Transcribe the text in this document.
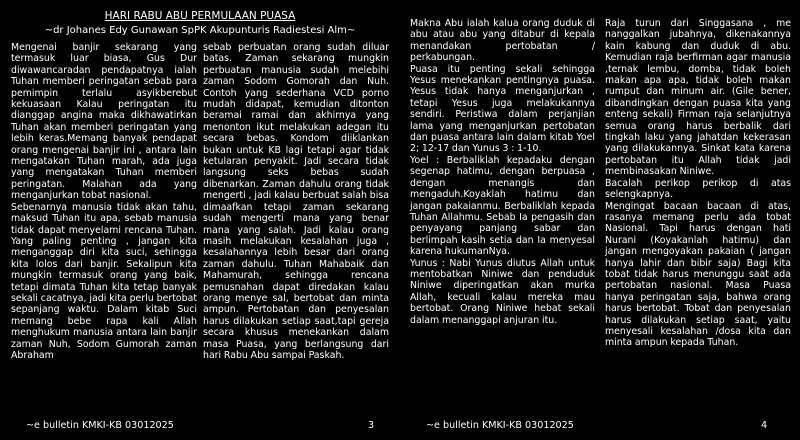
HARI RABU ABU PERMULAAN PUASA
~dr Johanes Edy Gunawan SpPK Akupunturis Radiestesi Alm~

Mengenai banjir sekarang yang termasuk luar biasa, Gus Dur diwawancaradan pendapatnya ialah Tuhan memberi peringatan sebab para pemimpin terlalu asyikberebut kekuasaan Kalau peringatan itu dianggap angina maka dikhawatirkan Tuhan akan memberi peringatan yang lebih keras.Memang banyak pendapat orang mengenai banjir ini , antara lain mengatakan Tuhan marah, ada juga yang mengatakan Tuhan memberi peringatan. Malahan ada yang menganjurkan tobat nasional.

Sebenarnya manusia tidak akan tahu, maksud Tuhan itu apa, sebab manusia tidak dapat menyelami rencana Tuhan. Yang paling penting , jangan kita menganggap diri kita suci, sehingga kita lolos dari banjir. Sekalipun kita mungkin termasuk orang yang baik, tetapi dimata Tuhan kita tetap banyak sekali cacatnya, jadi kita perlu bertobat sepanjang waktu. Dalam kitab Suci memang bebe rapa kali Allah menghukum manusia antara lain banjir zaman Nuh, Sodom Gumorah zaman Abraham

sebab perbuatan orang sudah diluar batas. Zaman sekarang mungkin perbuatan manusia sudah melebihi zaman Sodom Gomorah dan Nuh. Contoh yang sederhana VCD porno mudah didapat, kemudian ditonton beramai ramai dan akhirnya yang menonton ikut melakukan adegan itu secara bebas. Kondom diiklankan bukan untuk KB lagi tetapi agar tidak ketularan penyakit. Jadi secara tidak langsung seks bebas sudah dibenarkan. Zaman dahulu orang tidak mengerti , jadi kalau berbuat salah bisa dimaafkan tetapi zaman sekarang sudah mengerti mana yang benar mana yang salah. Jadi kalau orang masih melakukan kesalahan juga , kesalahannya lebih besar dari orang zaman dahulu. Tuhan Mahabaik dan Mahamurah, sehingga rencana pemusnahan dapat diredakan kalau orang menye sal, bertobat dan minta ampun. Pertobatan dan penyesalan harus dilakukan setiap saat,tapi gereja secara khusus menekankan dalam masa Puasa, yang berlangsung dari hari Rabu Abu sampai Paskah.

~e bulletin KMKI-KB 03012025	3

Makna Abu ialah kalua orang duduk di abu atau abu yang ditabur di kepala menandakan pertobatan / perkabungan.

Puasa itu penting sekali sehingga Yesus menekankan pentingnya puasa. Yesus tidak hanya menganjurkan , tetapi Yesus juga melakukannya sendiri. Peristiwa dalam perjanjian lama yang menganjurkan pertobatan dan puasa antara lain dalam kitab Yoel 2; 12-17 dan Yunus 3 : 1-10.

Yoel : Berbaliklah kepadaku dengan segenap hatimu, dengan berpuasa , dengan menangis dan mengaduh.Koyaklah hatimu dan jangan pakaianmu. Berbaliklah kepada Tuhan Allahmu. Sebab Ia pengasih dan penyayang panjang sabar dan berlimpah kasih setia dan Ia menyesal karena hukumanNya.

Yunus : Nabi Yunus diutus Allah untuk mentobatkan Niniwe dan penduduk Niniwe diperingatkan akan murka Allah, kecuali kalau mereka mau bertobat. Orang Niniwe hebat sekali dalam menanggapi anjuran itu.

Raja turun dari Singgasana , me nanggalkan jubahnya, dikenakannya kain kabung dan duduk di abu. Kemudian raja berfirman agar manusia ,ternak lembu, domba, tidak boleh makan apa apa, tidak boleh makan rumput dan minum air. (Gile bener, dibandingkan dengan puasa kita yang enteng sekali) Firman raja selanjutnya semua orang harus berbalik dari tingkah laku yang jahatdan kekerasan yang dilakukannya. Sinkat kata karena pertobatan itu Allah tidak jadi membinasakan Niniwe.

Bacalah perikop perikop di atas selengkapnya.

Mengingat bacaan bacaan di atas, rasanya memang perlu ada tobat Nasional. Tapi harus dengan hati Nurani (Koyakanlah hatimu) dan jangan mengoyakan pakaian ( jangan hanya lahir dan bibir saja) Bagi kita tobat tidak harus menunggu saat ada pertobatan nasional. Masa Puasa hanya peringatan saja, bahwa orang harus bertobat. Tobat dan penyesalan harus dilakukan setiap saat, yaitu menyesali kesalahan /dosa kita dan minta ampun kepada Tuhan.

~e bulletin KMKI-KB 03012025	4
